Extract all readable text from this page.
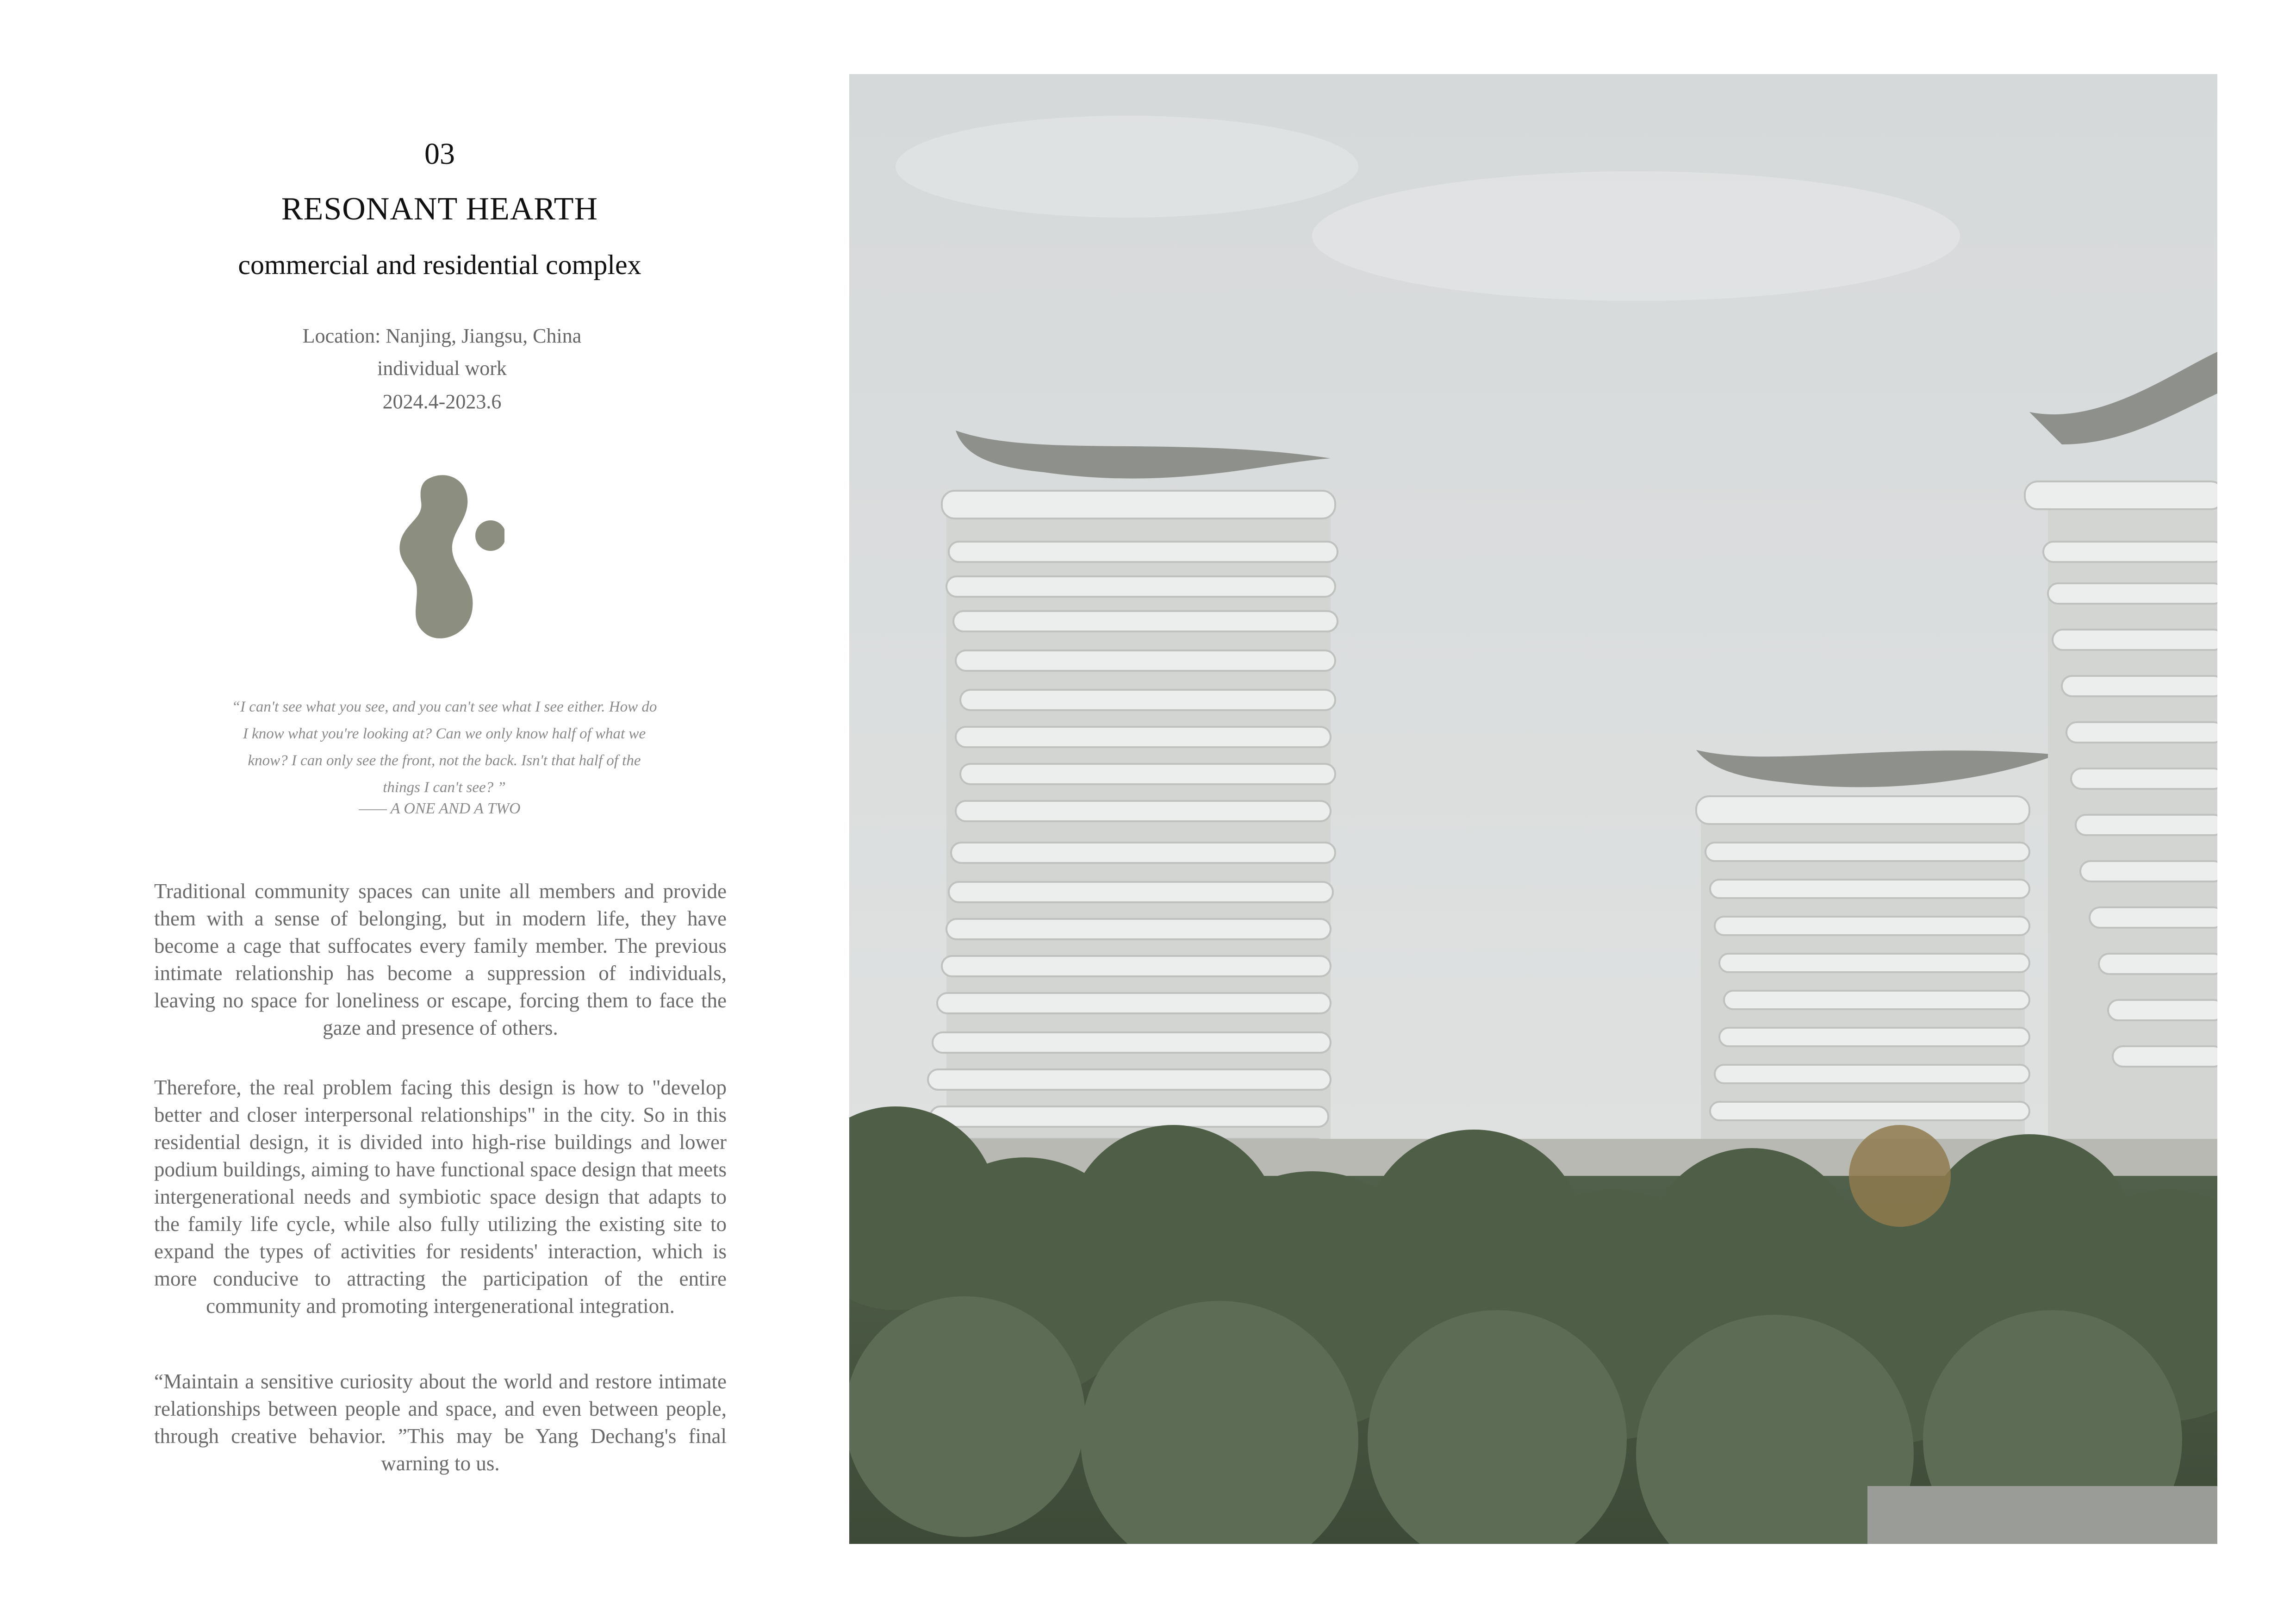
03
RESONANT HEARTH
commercial and residential complex
Location: Nanjing, Jiangsu, China
individual work
2024.4-2023.6
“I can't see what you see, and you can't see what I see either. How do I know what you're looking at? Can we only know half of what we know? I can only see the front, not the back. Isn't that half of the things I can't see? ”
—— A ONE AND A TWO
Traditional community spaces can unite all members and provide them with a sense of belonging, but in modern life, they have become a cage that suffocates every family member. The previous intimate relationship has become a suppression of individuals, leaving no space for loneliness or escape, forcing them to face the gaze and presence of others.
Therefore, the real problem facing this design is how to "develop better and closer interpersonal relationships" in the city. So in this residential design, it is divided into high-rise buildings and lower podium buildings, aiming to have functional space design that meets intergenerational needs and symbiotic space design that adapts to the family life cycle, while also fully utilizing the existing site to expand the types of activities for residents' interaction, which is more conducive to attracting the participation of the entire community and promoting intergenerational integration.
“Maintain a sensitive curiosity about the world and restore intimate relationships between people and space, and even between people, through creative behavior. ”This may be Yang Dechang's final warning to us.
